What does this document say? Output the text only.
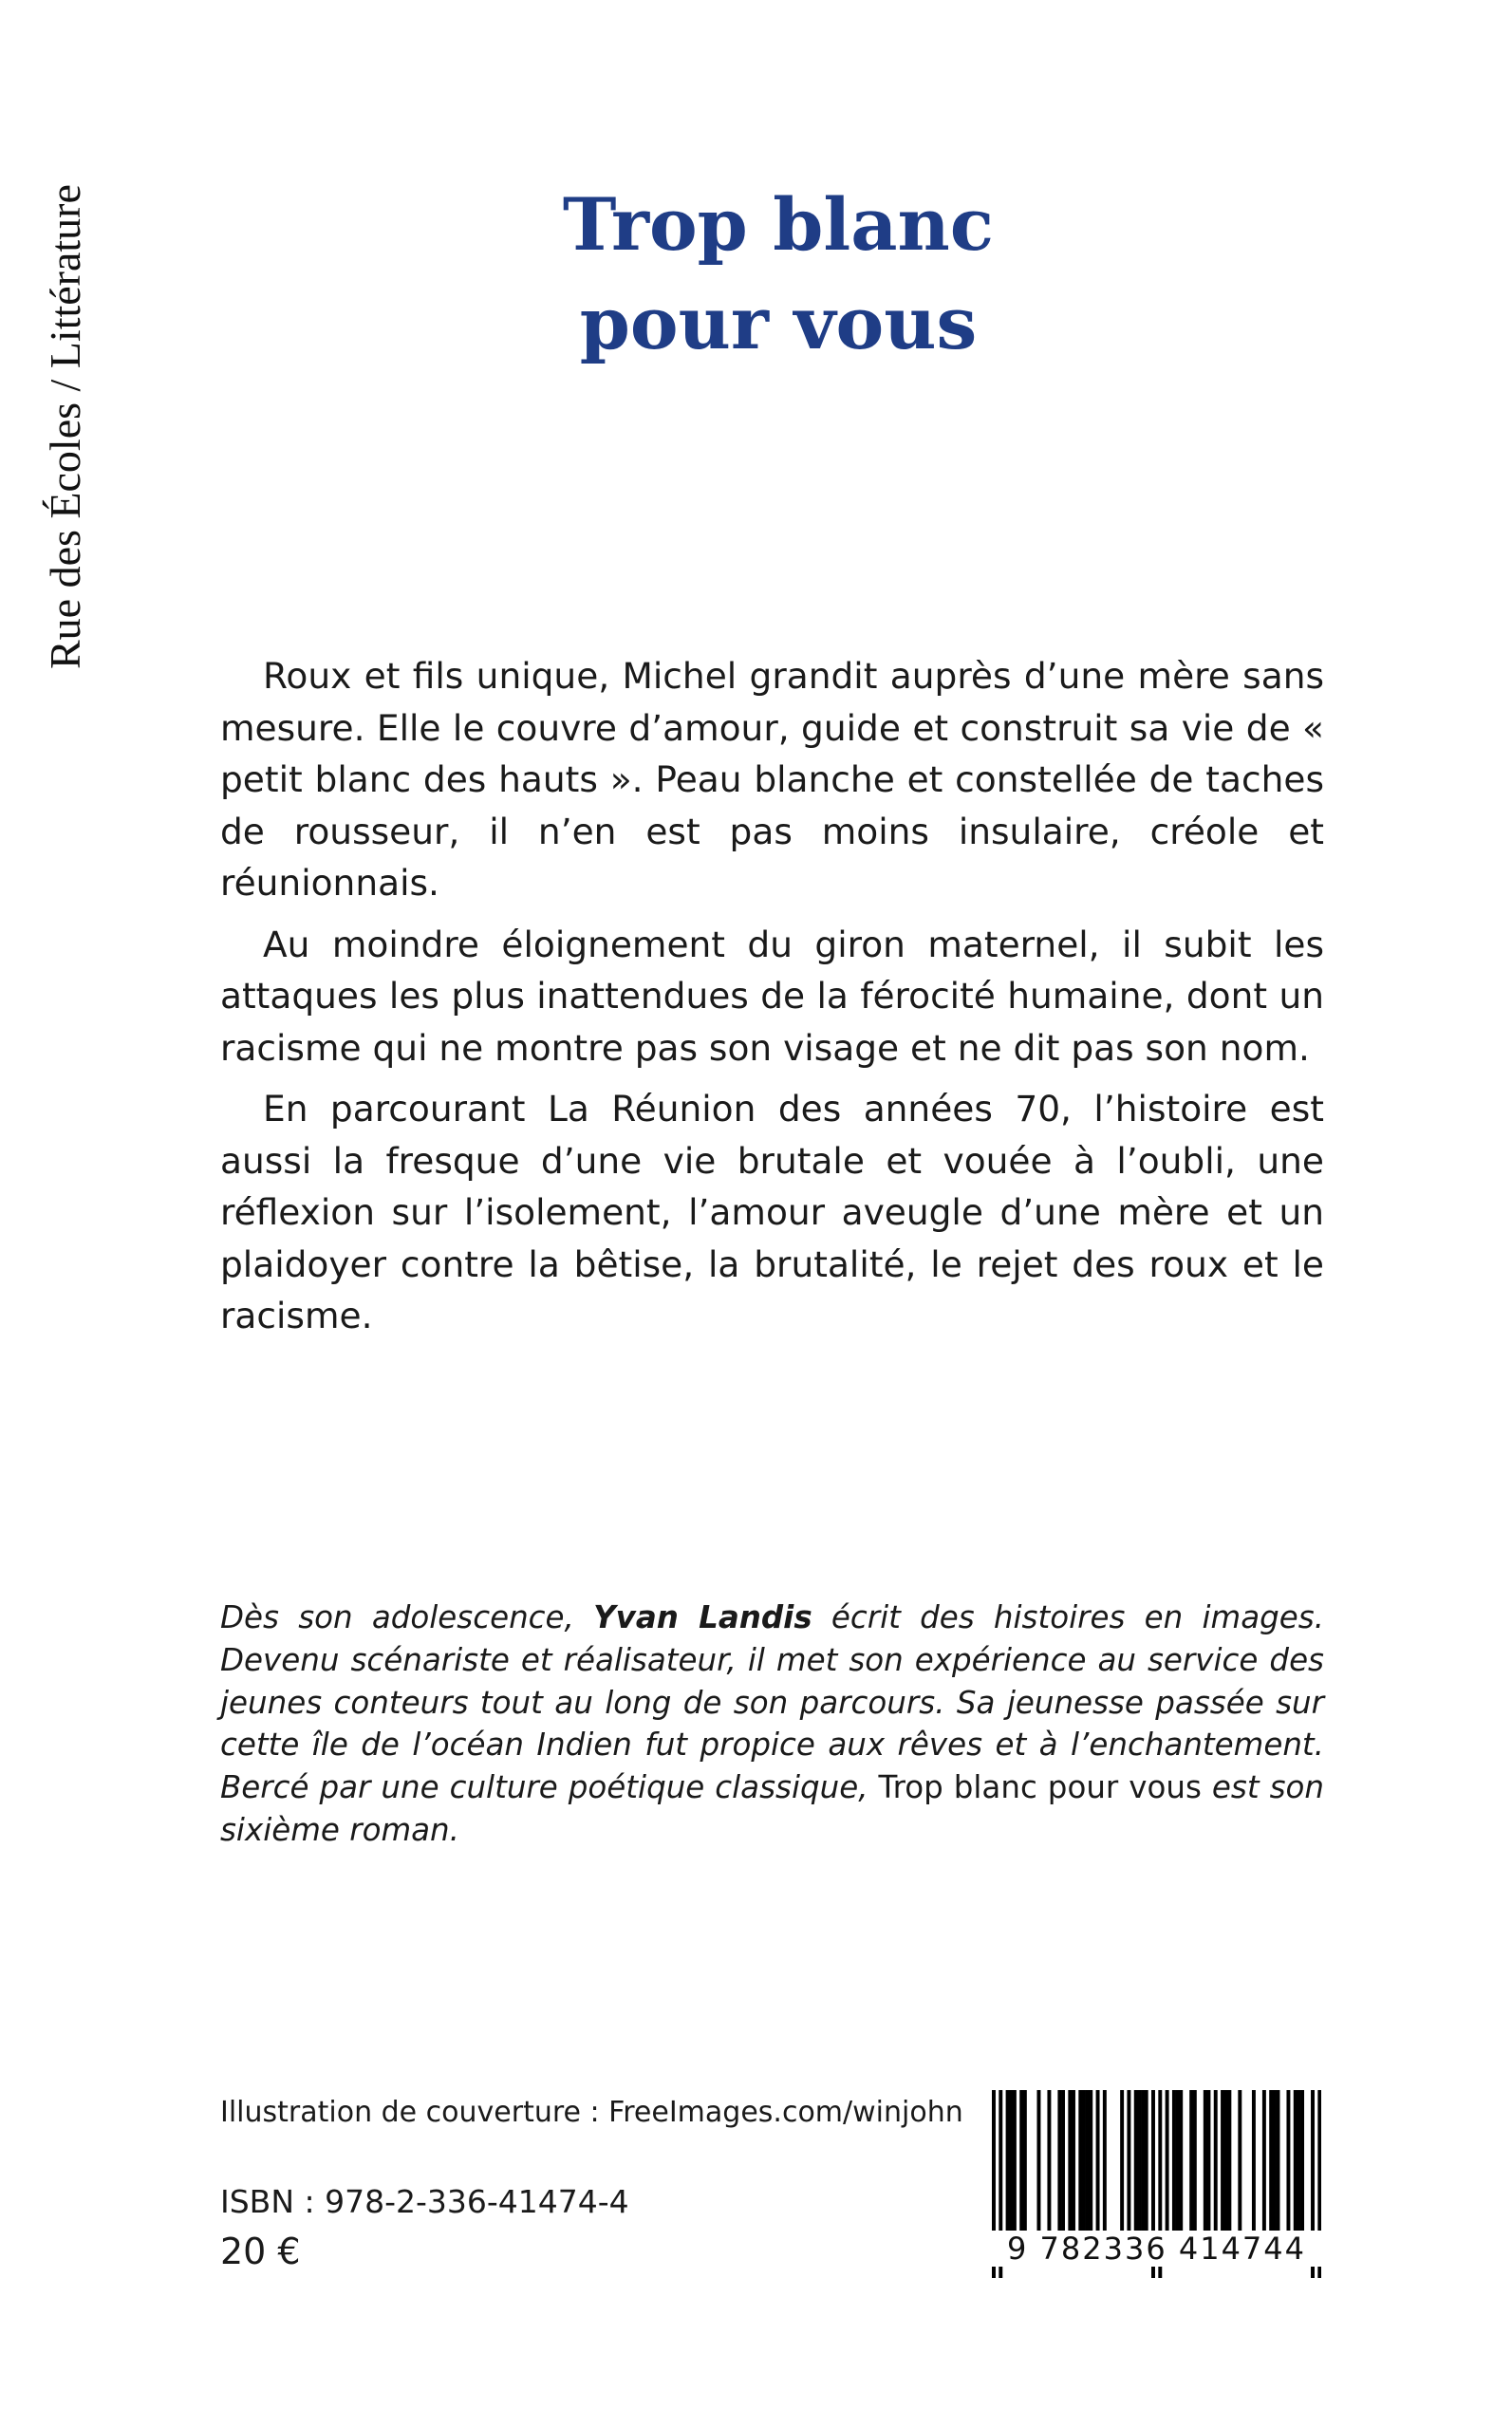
Rue des Écoles / Littérature	Trop blanc
pour vous

Roux et fils unique, Michel grandit auprès d’une mère sans mesure. Elle le couvre d’amour, guide et construit sa vie de « petit blanc des hauts ». Peau blanche et constellée de taches de rousseur, il n’en est pas moins insulaire, créole et réunionnais.

Au moindre éloignement du giron maternel, il subit les attaques les plus inattendues de la férocité humaine, dont un racisme qui ne montre pas son visage et ne dit pas son nom.

En parcourant La Réunion des années 70, l’histoire est aussi la fresque d’une vie brutale et vouée à l’oubli, une réflexion sur l’isolement, l’amour aveugle d’une mère et un plaidoyer contre la bêtise, la brutalité, le rejet des roux et le racisme.

Dès son adolescence, Yvan Landis écrit des histoires en images. Devenu scénariste et réalisateur, il met son expérience au service des jeunes conteurs tout au long de son parcours. Sa jeunesse passée sur cette île de l’océan Indien fut propice aux rêves et à l’enchantement. Bercé par une culture poétique classique, Trop blanc pour vous est son sixième roman.
Illustration de couverture : FreeImages.com/winjohn
ISBN : 978-2-336-41474-4
20 €	9 782336 414744
